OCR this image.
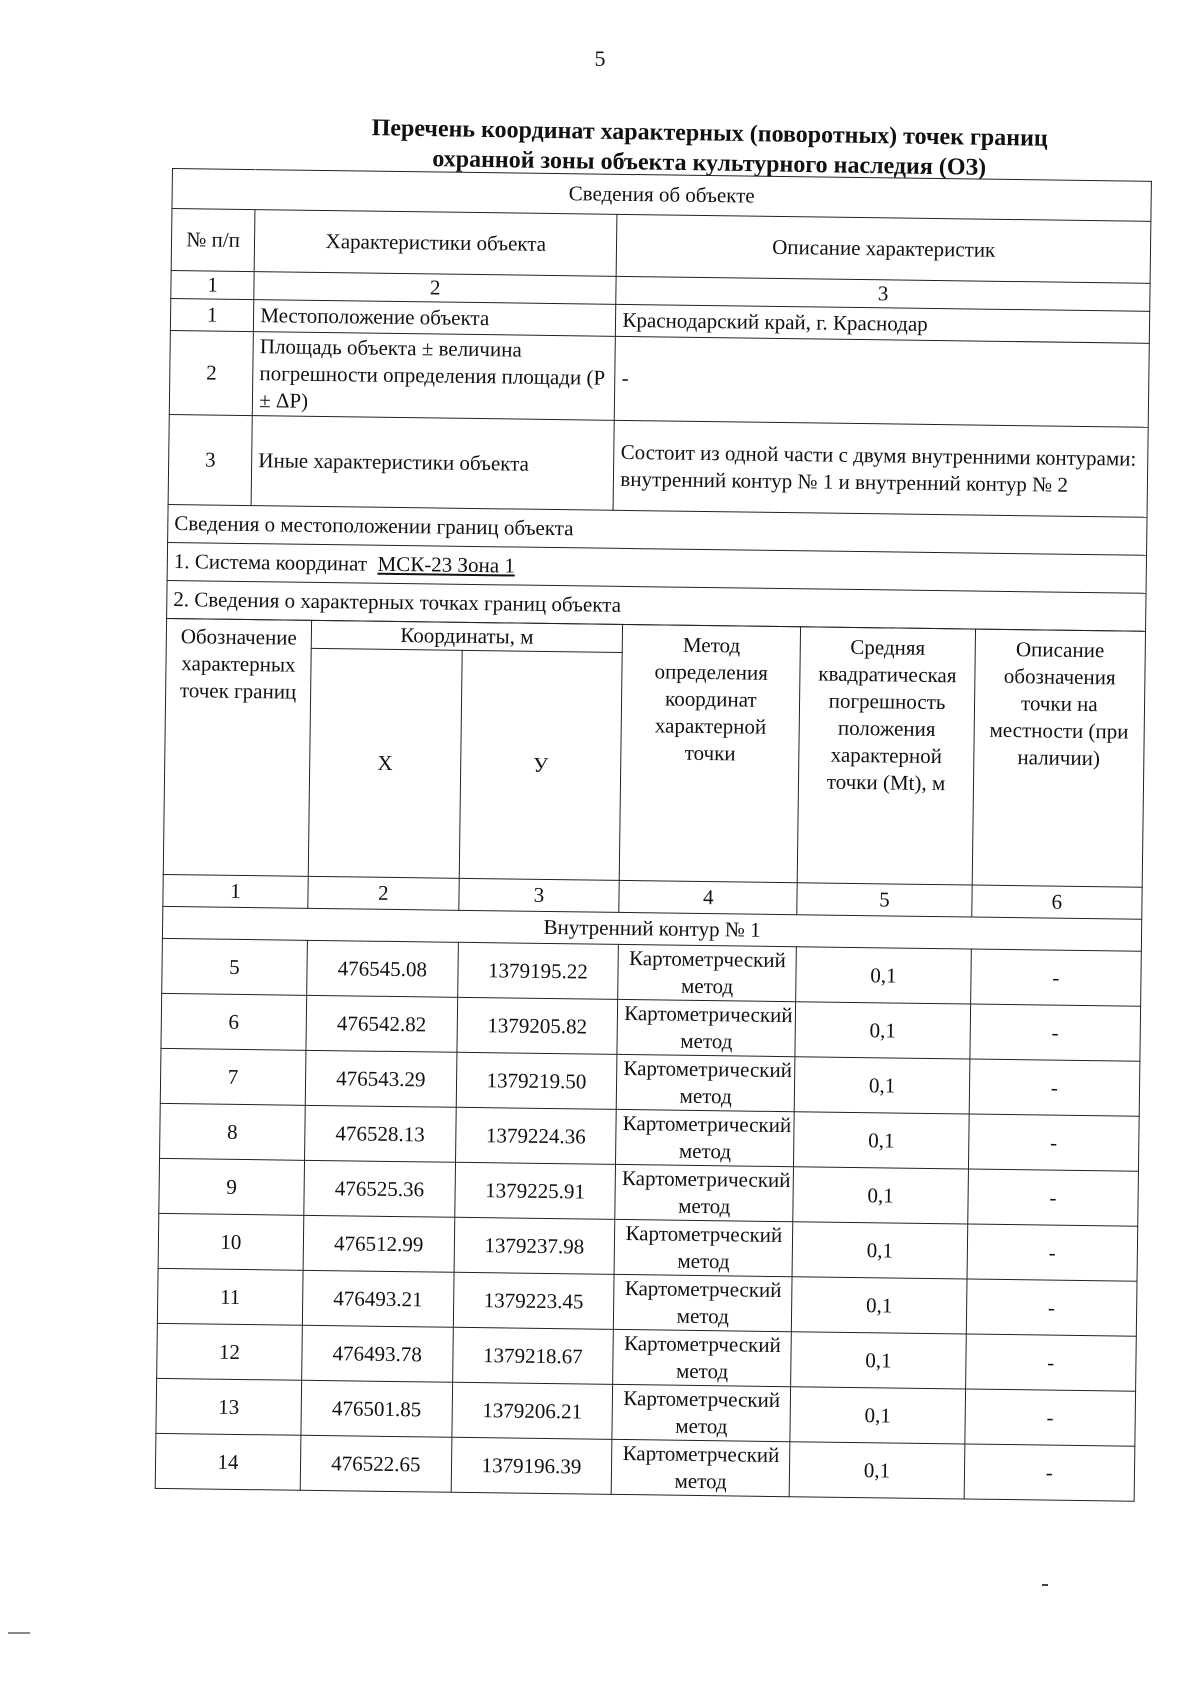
5
Перечень координат характерных (поворотных) точек границ
охранной зоны объекта культурного наследия (ОЗ)
Сведения об объекте		
№ п/п	Характеристики объекта	Описание характеристик
1	2	3
1	Местоположение объекта	Краснодарский край, г. Краснодар
2	Площадь объекта ± величина погрешности определения площади (P ± ΔP)	-
3	Иные характеристики объекта	Состоит из одной части с двумя внутренними контурами: внутренний контур № 1 и внутренний контур № 2
Сведения о местоположении границ объекта		
1. Система координат МСК-23 Зона 1		
2. Сведения о характерных точках границ объекта		
Обозначение характерных точек границ	Координаты, м		Метод определения координат характерной точки	Средняя квадратическая погрешность положения характерной точки (Mt), м	Описание обозначения точки на местности (при наличии)
	X	У			
1	2	3	4	5	6
Внутренний контур № 1					
5	476545.08	1379195.22	Картометрческий метод	0,1	-
6	476542.82	1379205.82	Картометрический метод	0,1	-
7	476543.29	1379219.50	Картометрический метод	0,1	-
8	476528.13	1379224.36	Картометрический метод	0,1	-
9	476525.36	1379225.91	Картометрический метод	0,1	-
10	476512.99	1379237.98	Картометрческий метод	0,1	-
11	476493.21	1379223.45	Картометрческий метод	0,1	-
12	476493.78	1379218.67	Картометрческий метод	0,1	-
13	476501.85	1379206.21	Картометрческий метод	0,1	-
14	476522.65	1379196.39	Картометрческий метод	0,1	-
